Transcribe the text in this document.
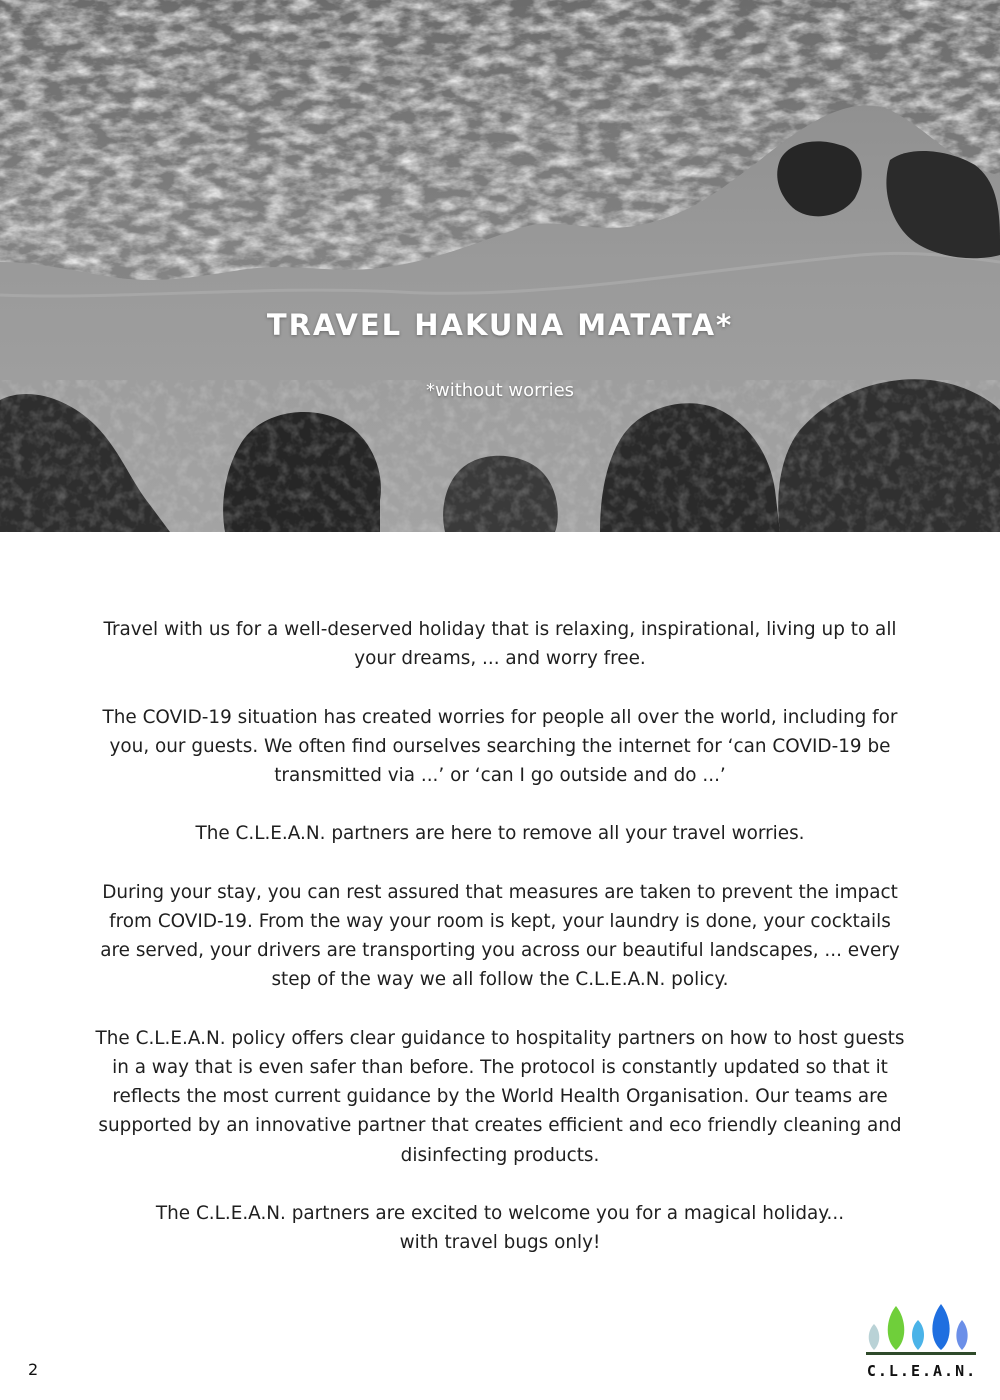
TRAVEL HAKUNA MATATA*
*without worries

Travel with us for a well-deserved holiday that is relaxing, inspirational, living up to all
your dreams, ... and worry free.

The COVID-19 situation has created worries for people all over the world, including for
you, our guests. We often find ourselves searching the internet for ‘can COVID-19 be
transmitted via ...’ or ‘can I go outside and do ...’

The C.L.E.A.N. partners are here to remove all your travel worries.

During your stay, you can rest assured that measures are taken to prevent the impact
from COVID-19. From the way your room is kept, your laundry is done, your cocktails
are served, your drivers are transporting you across our beautiful landscapes, ... every
step of the way we all follow the C.L.E.A.N. policy.

The C.L.E.A.N. policy offers clear guidance to hospitality partners on how to host guests
in a way that is even safer than before. The protocol is constantly updated so that it
reflects the most current guidance by the World Health Organisation. Our teams are
supported by an innovative partner that creates efficient and eco friendly cleaning and
disinfecting products.

The C.L.E.A.N. partners are excited to welcome you for a magical holiday...
with travel bugs only!

2	C.L.E.A.N.
